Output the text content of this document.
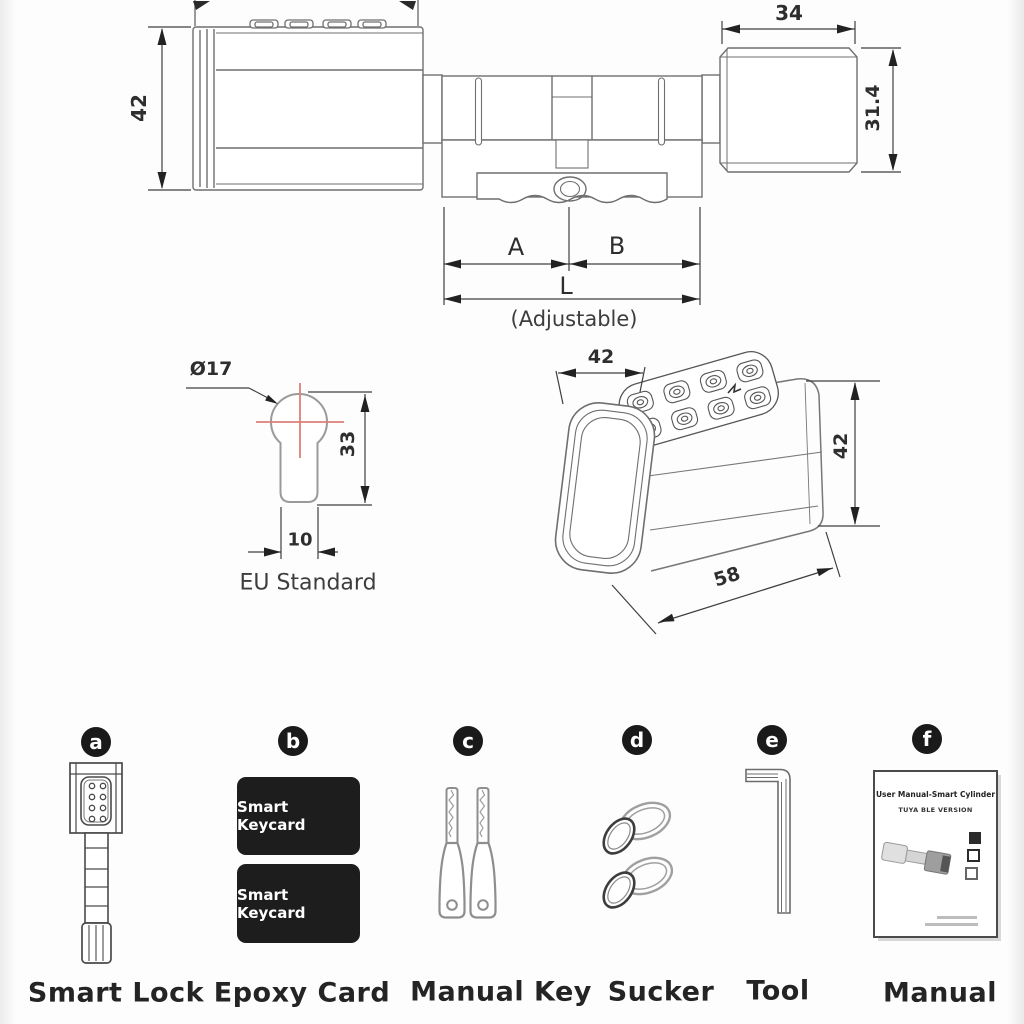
42
34
31.4
A	B
L
(Adjustable)
Ø17
33
10
EU Standard
42
42
58
a	b	c	d	e	f
Smart Keycard
Smart Keycard
User Manual-Smart Cylinder
TUYA BLE VERSION
Smart Lock Epoxy Card Manual Key Sucker Tool	Manual
